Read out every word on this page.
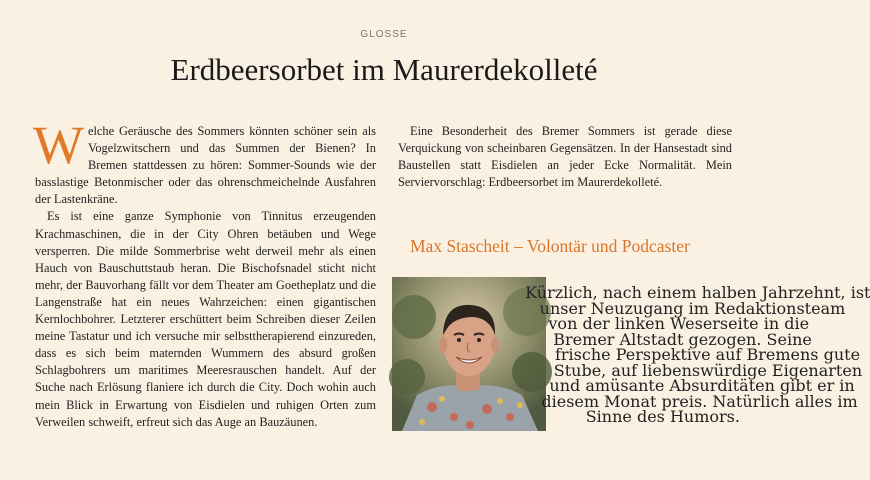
GLOSSE
Erdbeersorbet im Maurerdekolleté

Welche Geräusche des Sommers könnten schöner sein als Vogelzwitschern und das Summen der Bienen? In Bremen stattdessen zu hören: Sommer-Sounds wie der basslastige Betonmischer oder das ohrenschmeichelnde Ausfahren der Lastenkräne.

Es ist eine ganze Symphonie von Tinnitus erzeugenden Krachmaschinen, die in der City Ohren betäuben und Wege versperren. Die milde Sommerbrise weht derweil mehr als einen Hauch von Bauschuttstaub heran. Die Bischofsnadel sticht nicht mehr, der Bauvorhang fällt vor dem Theater am Goetheplatz und die Langenstraße hat ein neues Wahrzeichen: einen gigantischen Kernlochbohrer. Letzterer erschüttert beim Schreiben dieser Zeilen meine Tastatur und ich versuche mir selbsttherapierend einzureden, dass es sich beim maternden Wummern des absurd großen Schlagbohrers um maritimes Meeresrauschen handelt. Auf der Suche nach Erlösung flaniere ich durch die City. Doch wohin auch mein Blick in Erwartung von Eisdielen und ruhigen Orten zum Verweilen schweift, erfreut sich das Auge an Bauzäunen.

Eine Besonderheit des Bremer Sommers ist gerade diese Verquickung von scheinbaren Gegensätzen. In der Hansestadt sind Baustellen statt Eisdielen an jeder Ecke Normalität. Mein Serviervorschlag: Erdbeersorbet im Maurerdekolleté.

Max Stascheit – Volontär und Podcaster
Kürzlich, nach einem halben Jahrzehnt, ist
unser Neuzugang im Redaktionsteam
von der linken Weserseite in die
Bremer Altstadt gezogen. Seine
frische Perspektive auf Bremens gute
Stube, auf liebenswürdige Eigenarten
und amüsante Absurditäten gibt er in
diesem Monat preis. Natürlich alles im
Sinne des Humors.
